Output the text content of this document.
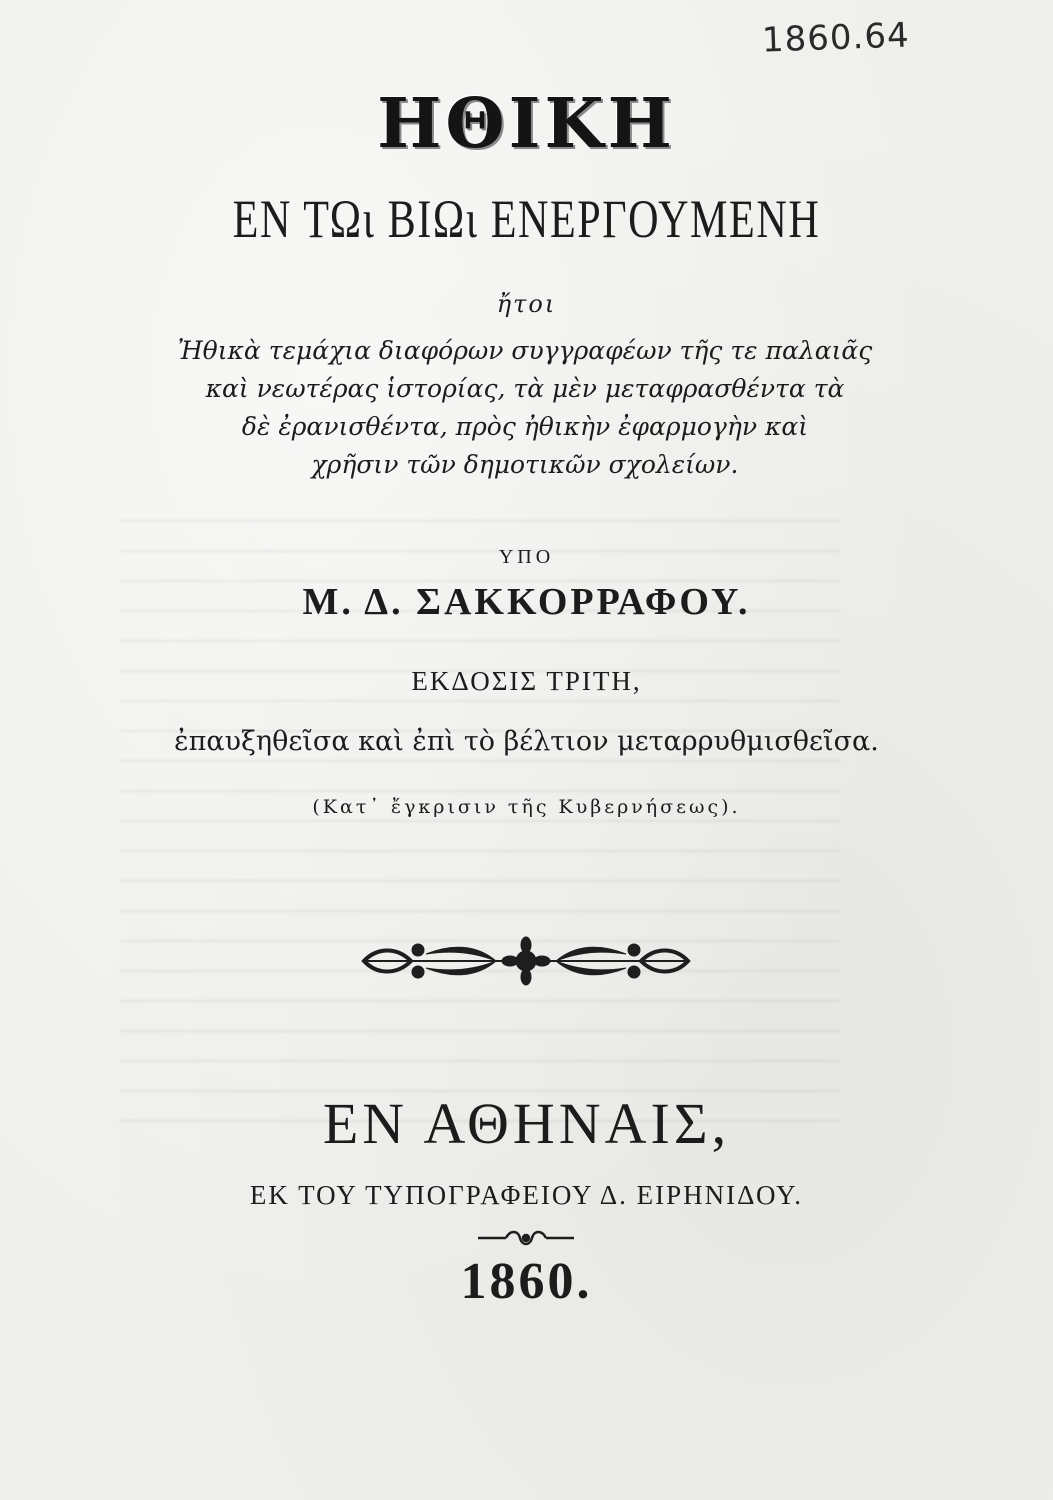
1860.64
ΗΘΙΚΗ
ΕΝ ΤΩι ΒΙΩι ΕΝΕΡΓΟΥΜΕΝΗ
ἤτοι
Ἠθικὰ τεμάχια διαφόρων συγγραφέων τῆς τε παλαιᾶς
καὶ νεωτέρας ἱστορίας, τὰ μὲν μεταφρασθέντα τὰ
δὲ ἐρανισθέντα, πρὸς ἠθικὴν ἐφαρμογὴν καὶ
χρῆσιν τῶν δημοτικῶν σχολείων.
ΥΠΟ
Μ. Δ. ΣΑΚΚΟΡΡΑΦΟΥ.
ΕΚΔΟΣΙΣ ΤΡΙΤΗ,
ἐπαυξηθεῖσα καὶ ἐπὶ τὸ βέλτιον μεταρρυθμισθεῖσα.
(Κατ᾽ ἔγκρισιν τῆς Κυβερνήσεως).
ΕΝ ΑΘΗΝΑΙΣ,
ΕΚ ΤΟΥ ΤΥΠΟΓΡΑΦΕΙΟΥ Δ. ΕΙΡΗΝΙΔΟΥ.
1860.
